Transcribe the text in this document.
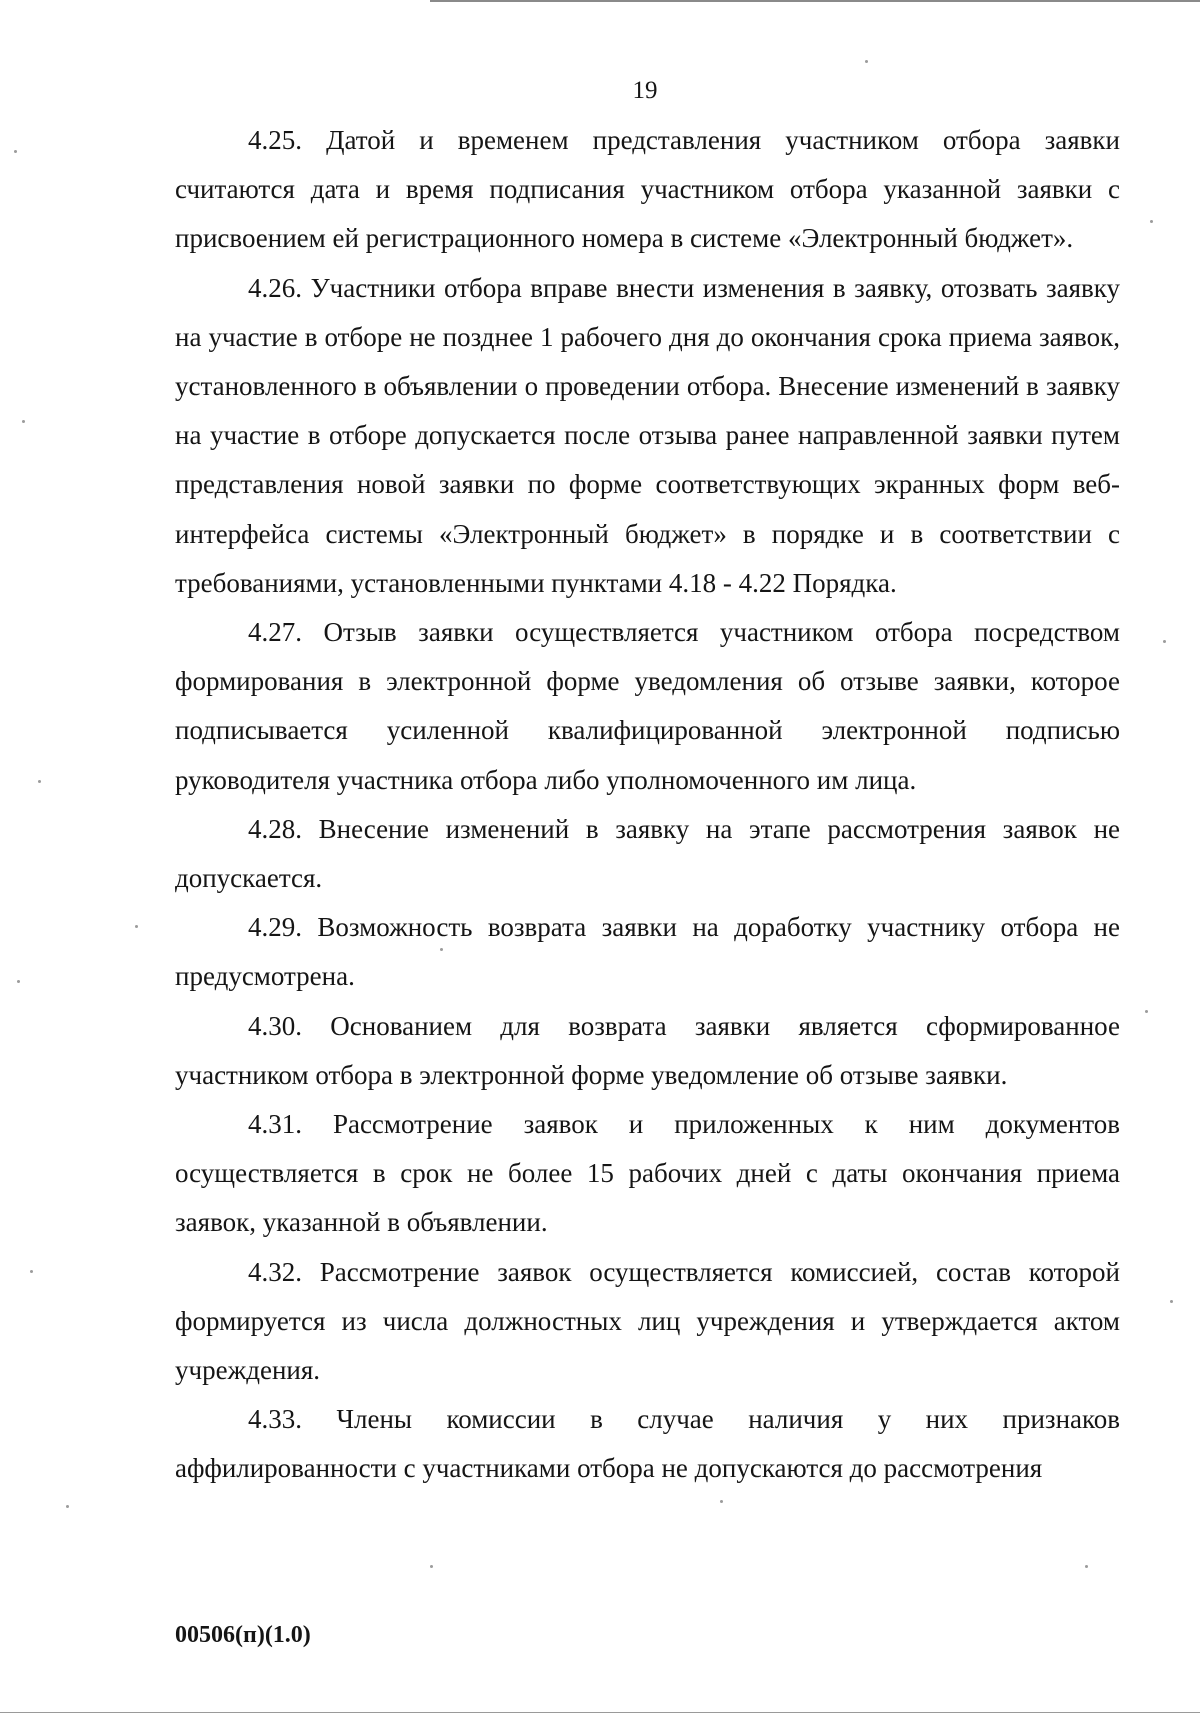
19

4.25. Датой и временем представления участником отбора заявки считаются дата и время подписания участником отбора указанной заявки с присвоением ей регистрационного номера в системе «Электронный бюджет».

4.26. Участники отбора вправе внести изменения в заявку, отозвать заявку на участие в отборе не позднее 1 рабочего дня до окончания срока приема заявок, установленного в объявлении о проведении отбора. Внесение изменений в заявку на участие в отборе допускается после отзыва ранее направленной заявки путем представления новой заявки по форме соответствующих экранных форм веб-интерфейса системы «Электронный бюджет» в порядке и в соответствии с требованиями, установленными пунктами 4.18 - 4.22 Порядка.

4.27. Отзыв заявки осуществляется участником отбора посредством формирования в электронной форме уведомления об отзыве заявки, которое подписывается усиленной квалифицированной электронной подписью руководителя участника отбора либо уполномоченного им лица.

4.28. Внесение изменений в заявку на этапе рассмотрения заявок не допускается.

4.29. Возможность возврата заявки на доработку участнику отбора не предусмотрена.

4.30. Основанием для возврата заявки является сформированное участником отбора в электронной форме уведомление об отзыве заявки.

4.31. Рассмотрение заявок и приложенных к ним документов осуществляется в срок не более 15 рабочих дней с даты окончания приема заявок, указанной в объявлении.

4.32. Рассмотрение заявок осуществляется комиссией, состав которой формируется из числа должностных лиц учреждения и утверждается актом учреждения.

4.33. Члены комиссии в случае наличия у них признаков аффилированности с участниками отбора не допускаются до рассмотрения

00506(п)(1.0)
